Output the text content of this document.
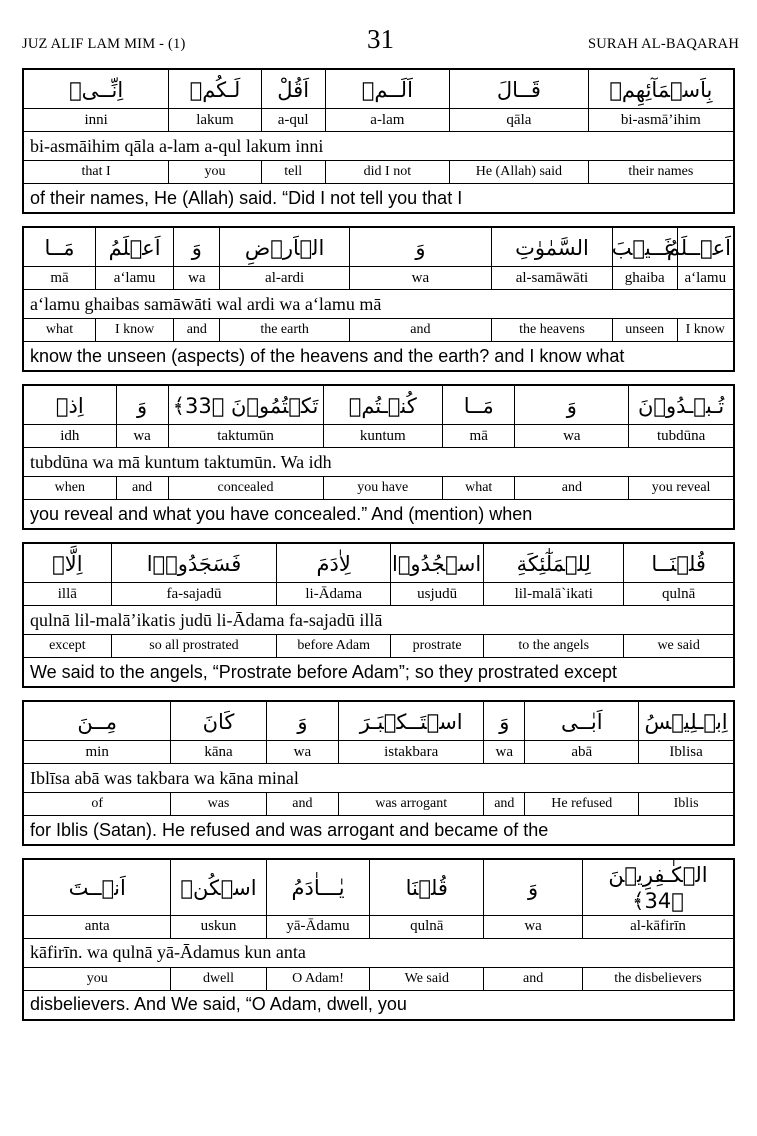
JUZ ALIF LAM MIM - (1)	31	SURAH AL-BAQARAH
اِنِّــىۡ	لَـكُمۡ	اَقُلْ	اَلَــمۡ	قَــالَ	بِاَسۡمَآئِهِمۡ
inni	lakum	a-qul	a-lam	qāla	bi-asmā’ihim
bi-asmāihim qāla a-lam a-qul lakum inni					
that I	you	tell	did I not	He (Allah) said	their names
of their names, He (Allah) said. “Did I not tell you that I					
مَــا	اَعۡلَمُ	وَ	الۡاَرۡضِ	وَ	السَّمٰوٰتِ	غَــيۡبَ	اَعۡــلَمُ
mā	a‘lamu	wa	al-ardi	wa	al-samāwāti	ghaiba	a‘lamu
a‘lamu ghaibas samāwāti wal ardi wa a‘lamu mā							
what	I know	and	the earth	and	the heavens	unseen	I know
know the unseen (aspects) of the heavens and the earth? and I know what							
اِذۡ	وَ	تَكۡتُمُوۡنَ ﴿33﴾	كُنۡـتُمۡ	مَــا	وَ	تُـبۡـدُوۡنَ
idh	wa	taktumūn	kuntum	mā	wa	tubdūna
tubdūna wa mā kuntum taktumūn. Wa idh						
when	and	concealed	you have	what	and	you reveal
you reveal and what you have concealed.” And (mention) when						
اِلَّاۤ	فَسَجَدُوۡۤا	لِاٰدَمَ	اسۡجُدُوۡا	لِلۡمَلٰٓئِكَةِ	قُلۡنَــا
illā	fa-sajadū	li-Ādama	usjudū	lil-malā`ikati	qulnā
qulnā lil-malā’ikatis judū li-Ādama fa-sajadū illā					
except	so all prostrated	before Adam	prostrate	to the angels	we said
We said to the angels, “Prostrate before Adam”; so they prostrated except					
مِــنَ	كَانَ	وَ	اسۡتَــكۡبَـرَ	وَ	اَبٰــى	اِبۡـلِيۡسُ
min	kāna	wa	istakbara	wa	abā	Iblisa
Iblīsa abā was takbara wa kāna minal						
of	was	and	was arrogant	and	He refused	Iblis
for Iblis (Satan). He refused and was arrogant and became of the						
اَنۡــتَ	اسۡكُنۡ	يٰـــاٰدَمُ	قُلۡنَا	وَ	الۡكٰـفِرِيۡنَ ﴿34﴾
anta	uskun	yā-Ādamu	qulnā	wa	al-kāfirīn
kāfirīn. wa qulnā yā-Ādamus kun anta					
you	dwell	O Adam!	We said	and	the disbelievers
disbelievers. And We said, “O Adam, dwell, you					
